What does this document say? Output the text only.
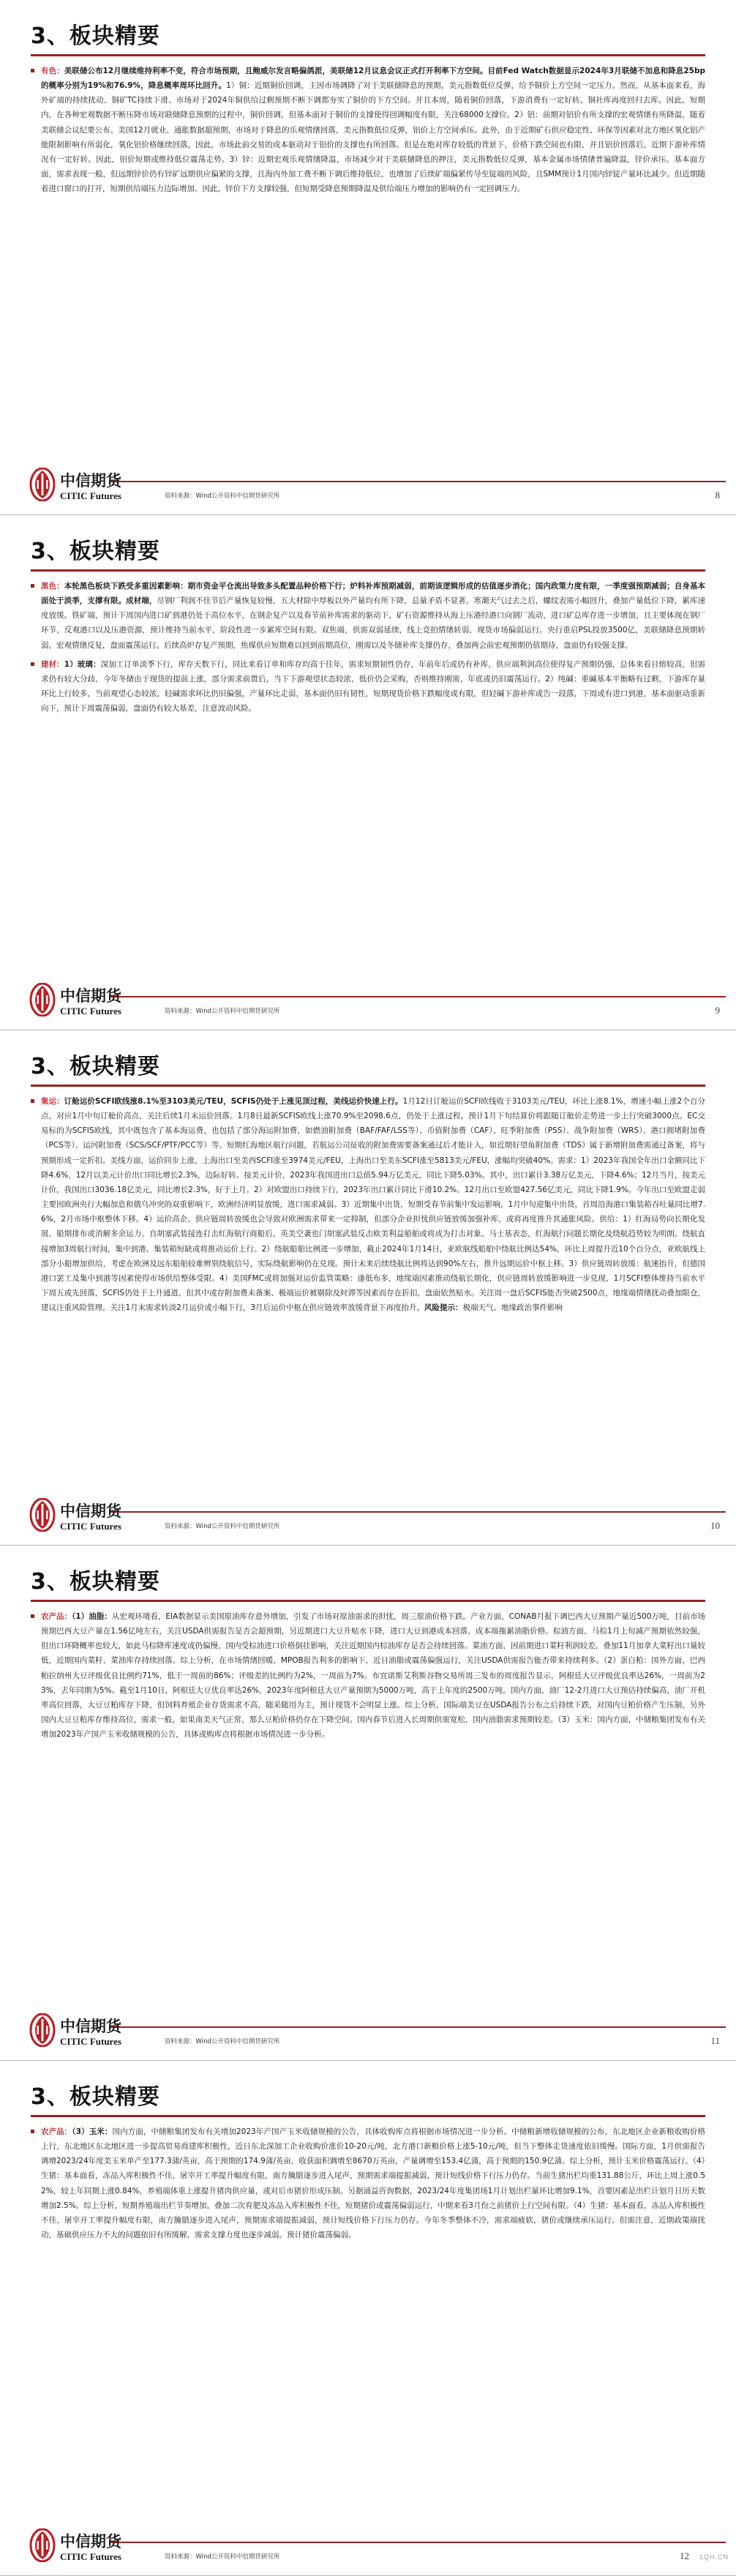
3、板块精要

有色：美联储公布12月继续维持利率不变，符合市场预期，且鲍威尔发言略偏鸽派，美联储12月议息会议正式打开利率下方空间。目前Fed Watch数据显示2024年3月联储不加息和降息25bp的概率分别为19%和76.9%，降息概率周环比回升。1）铜：近期铜价回调，主因市场调降了对于美联储降息的预期，美元指数低位反弹，给予铜价上方空间一定压力。然而，从基本面来看，海外矿端的持续扰动、铜矿TC持续下滑、市场对于2024年铜供给过剩预期不断下调都夯实了铜价的下方空间。并且本周，随着铜价回落，下游消费有一定好转，铜社库再度回归去库。因此，短期内，在各种宏观数据不断压降市场对联储降息预期的过程中，铜价回调，但基本面对于铜价的支撑使得回调幅度有限，关注68000支撑位。2）铝：前期对铝价有所支撑的宏观情绪有所降温，随着美联储会议纪要公布、美国12月就业、通胀数据超预期，市场对于降息的乐观情绪回落，美元指数低位反弹，铝价上方空间承压。此外，由于近期矿石供应稳定性、环保等因素对北方地区氧化铝产能限制影响有所弱化，氧化铝价格继续回落，因此，市场此前交易的成本驱动对于铝价的支撑也有所回落。但是在绝对库存较低的背景下，价格下跌空间也有限，并且铝价回落后，近期下游补库情况有一定好转。因此，铝价短期或维持低位震荡走势。3）锌：近期宏观乐观情绪降温，市场减少对于美联储降息的押注，美元指数低位反弹，基本金属市场情绪普遍降温，锌价承压。基本面方面，需求表现一般，但远期锌价仍有锌矿远期供应偏紧的支撑，且海内外加工费不断下调后维持低位，也增加了后续矿端偏紧传导至锭端的风险，且SMM预计1月国内锌锭产量环比减少。但近期随着进口窗口的打开，短期供给端压力边际增加。因此，锌价下方支撑较强，但短期受降息预期降温及供给端压力增加的影响仍有一定回调压力。

中信期货
CITIC Futures	资料来源：Wind公开资料中信期货研究所	8
3、板块精要

黑色：本轮黑色板块下跌受多重因素影响：期市资金平仓流出导致多头配置品种价格下行；炉料补库预期减弱，前期该逻辑形成的估值逐步消化；国内政策力度有限，一季度强预期减弱；自身基本面处于淡季，支撑有限。成材端，尽钢厂利润不佳节后产量恢复较慢，五大材除中厚板以外产量均有所下降，总量矛盾不显著。寒潮天气过去之后，螺纹表需小幅回升，叠加产量低位下降，累库速度放缓。铁矿端，预计下周国内进口矿到港仍处于高位水平，在钢企复产以及春节前补库需求的驱动下，矿石资源维持从海上压港经港口向钢厂流动，进口矿总库存进一步增加，且主要体现在钢厂环节，反观港口以及压港资源，预计维持当前水平，阶段性进一步累库空间有限。双焦端，供需双弱延续，线上竞拍情绪转弱，现货市场偏弱运行。央行重启PSL投放3500亿，美联储降息预期转弱，宏观情绪反复，盘面震荡运行。后续高炉存复产预期，焦煤供应短期难以回到前期高位，刚需以及冬储补库支撑仍存，叠加两会前宏观预期仍值期待，盘面仍有较强支撑。

建材：1）玻璃：深加工订单淡季下行，库存天数下行，同比来看订单和库存均高于往年，需求短期韧性仍存，年前年后或仍有补库，供应端利润高位使得复产预期仍强，总体来看日熔较高，但需求仍有较大分歧，今年冬储由于现货的提前上涨，部分需求前置后，当下下游观望状态较浓，低价仍会采购，否则维持刚需，年底或仍旧震荡运行。2）纯碱：重碱基本平衡略有过剩，下游库存量环比上行较多，当前观望心态较浓，轻碱需求环比仍旧偏强，产量环比走弱，基本面仍旧有韧性，短期现货价格下跌幅度或有限，但轻碱下游补库或告一段落，下周或有进口到港，基本面驱动重新向下，预计下周震荡偏弱，盘面仍有较大基差，注意波动风险。

中信期货
CITIC Futures	资料来源：Wind公开资料中信期货研究所	9
3、板块精要

集运：订舱运价SCFI欧线涨8.1%至3103美元/TEU，SCFIS仍处于上涨见顶过程，美线运价快速上行。1月12日订舱运价SCFI欧线收于3103美元/TEU，环比上涨8.1%，增速小幅上涨2个百分点，对应1月中旬订舱价高点，关注后续1月末运价回落。1月8日最新SCFIS欧线上涨70.9%至2098.6点，仍处于上涨过程，预计1月下旬结算价将跟随订舱价走势进一步上行突破3000点。EC交易标的为SCFIS欧线，其中既包含了基本海运费，也包括了部分海运附加费，如燃油附加费（BAF/FAF/LSS等）、币值附加费（CAF）、旺季附加费（PSS）、战争附加费（WRS）、港口拥堵附加费（PCS等）、运河附加费（SCS/SCF/PTF/PCC等）等。短期红海地区航行问题，若航运公司征收的附加费需要备案通过后才能计入，如近期好望角附加费（TDS）属于新增附加费需通过备案，将与预期形成一定折扣。美线方面，运价同步上涨，上海出口至美西SCFI涨至3974美元/FEU，上海出口至美东SCFI涨至5813美元/FEU，涨幅均突破40%。需求：1）2023年我国全年出口金额同比下降4.6%，12月以美元计价出口同比增长2.3%，边际好转。按美元计价，2023年我国进出口总值5.94万亿美元，同比下降5.03%。其中，出口累计3.38万亿美元，下降4.6%；12月当月，按美元计价，我国出口3036.18亿美元，同比增长2.3%，好于上月。2）对欧盟出口持续下行，2023年出口累计同比下滑10.2%。12月出口至欧盟427.56亿美元，同比下降1.9%。今年出口至欧盟走弱主要因欧洲央行大幅加息和俄乌冲突的双重影响下，欧洲经济明显放缓，进口需求减弱。3）近期集中出货，短期受春节前集中发运影响，1月中旬迎集中出货，首周沿海港口集装箱吞吐量同比增7.6%，2月市场中枢整体下移。4）运价高企、供应链周转放缓也会导致对欧洲需求带来一定抑制，但部分企业担忧供应链放缓加强补库，或将再度推升其通胀风险。供给：1）红海局势向长期化发展，船期排布或消解多余运力。自胡塞武装接连打击红海航行商船后，英美空袭也门胡塞武装反击欧美利益船舶或将成为打击对象、马士基表态，红海航行问题长期化及绕航趋势较为明朗。绕航直接增加3周航行时间，集中到港、集装箱短缺或将推动运价上行。2）绕航船舶比例进一步增加，截止2024年1月14日，亚欧航线船舶中绕航比例达54%，环比上周提升近10个百分点，亚欧航线上部分小船增加供给，考虑在欧洲及远东船舶较难辨别绕航信号，实际绕航影响仍在兑现。预计未来后续绕航比例将达到90%左右，推升远期运价中枢上移。3）供应链周转放缓：航速抬升，但德国港口罢工及集中到港等因素使得市场供给整体受限。4）美国FMC或将加强对运价监管策略：逢低布多，地缘端因素推动绕航长期化，供应链周转放缓影响进一步兑现，1月SCFI整体维持当前水平下周五或先回落，SCFIS仍处于上升通道，但其中或存附加费未备案、极端运价被剔除及时滞等因素而存在折扣，盘面依然贴水。关注周一盘后SCFIS能否突破2500点，地缘端情绪扰动叠加限仓，建议注重风险管理。关注1月末需求转淡2月运价或小幅下行，3月后运价中枢在供应链效率放缓背景下再度抬升。风险提示：极端天气、地缘政治事件影响

中信期货
CITIC Futures	资料来源：Wind公开资料中信期货研究所	10
3、板块精要

农产品：（1）油脂：从宏观环境看，EIA数据显示美国原油库存意外增加，引发了市场对原油需求的担忧，周三原油价格下跌。产业方面，CONAB月报下调巴西大豆预期产量近500万吨，目前市场预期巴西大豆产量在1.56亿吨左右，关注USDA供需报告是否会超预期，另近期进口大豆升贴水下降，进口大豆到港成本回落，成本端拖累油脂价格。棕油方面，马棕1月上旬减产预期依然较强，但出口环降概率也较大，如此马棕降库速度或仍偏慢，国内受棕油进口价格倒挂影响，关注近期国内棕油库存是否会持续回落。菜油方面，因前期进口菜籽利润较差，叠加11月加拿大菜籽出口量较低，近期国内菜籽、菜油库存持续回落。综上分析，在市场情绪回暖、MPOB报告利多的影响下，近日油脂或震荡偏强运行，关注USDA供需报告能否带来持续利多。（2）蛋白粕：国外方面，巴西帕拉纳州大豆评级优良比例约71%，低于一周前的86%；评级差的比例约为2%，一周前为7%。布宜诺斯艾利斯谷物交易所周三发布的周度报告显示，阿根廷大豆评级优良率达26%，一周前为23%，去年同期为5%。截至1月10日，阿根廷大豆优良率达26%，2023年度阿根廷大豆产量预期为5000万吨，高于上年度的2500万吨。国内方面，油厂12-2月进口大豆预估持续偏高，油厂开机率高位回落，大豆豆粕库存下降，但饲料养殖企业存货需求不高，随采随用为主，预计现货不会明显上涨。综上分析，国际端美豆在USDA报告公布之后持续下跌，对国内豆粕价格产生压制，另外国内大豆豆粕库存维持高位，需求一般，如果南美天气正常，那么豆粕价格仍存在下降空间。国内春节后进入长周期供需宽松，国内油脂需求预期较差。（3）玉米：国内方面，中储粮集团发布有关增加2023年产国产玉米收储规模的公告，具体或购库点将根据市场情况进一步分析。

中信期货
CITIC Futures	资料来源：Wind公开资料中信期货研究所	11
3、板块精要

农产品：（3）玉米：国内方面，中储粮集团发布有关增加2023年产国产玉米收储规模的公告，具体收购库点将根据市场情况进一步分析。中储粮新增收储规模的公布，东北地区企业新粮收购价格上行，东北地区东北地区进一步提高贸易商建库积极性，近日东北深加工企业收购价涨价10-20元/吨，北方港口新粮价格上涨5-10元/吨，但当下整体走货速度依旧缓慢。国际方面，1月供需报告调增2023/24年度美玉米单产至177.3蒲/英亩，高于预期的174.9蒲/英亩，收获面积调增至8670万英亩，产量调增至153.4亿蒲，高于预期的150.9亿蒲。综上分析，预计玉米价格震荡运行。（4）生猪：基本面看，冻品入库积极性不佳，屠宰开工率提升幅度有限，南方腌腊逐步进入尾声，预期需求端提振减弱，预计短线价格下行压力仍存。当前生猪出栏均重131.88公斤，环比上周上涨0.52%，较上年同期上涨0.84%，养殖端体重上涨提升猪肉供应量，或对后市猪价形成压制。另据涌益咨询数据，2023/24年度集团场1月计划出栏量环比增加9.1%，首要因素是出栏计划月日历天数增加2.5%。综上分析，短期养殖端出栏节奏增加，叠加二次育肥及冻品入库积极性不佳，短期猪价或震荡偏弱运行，中期来看3月份之前猪价上行空间有限。（4）生猪：基本面看，冻品入库积极性不佳，屠宰开工率提升幅度有限，南方腌腊逐步进入尾声，预期需求端提振减弱，预计短线价格下行压力仍存。今年冬季整体不冷，需求端疲软，猪价或继续承压运行。但需注意，近期政策端扰动，基础供应压力不大的问题依旧有所缓解，需求支撑力度也逐步减弱。预计猪价震荡偏弱。

中信期货
CITIC Futures	资料来源：Wind公开资料中信期货研究所	12 1QH.CN
